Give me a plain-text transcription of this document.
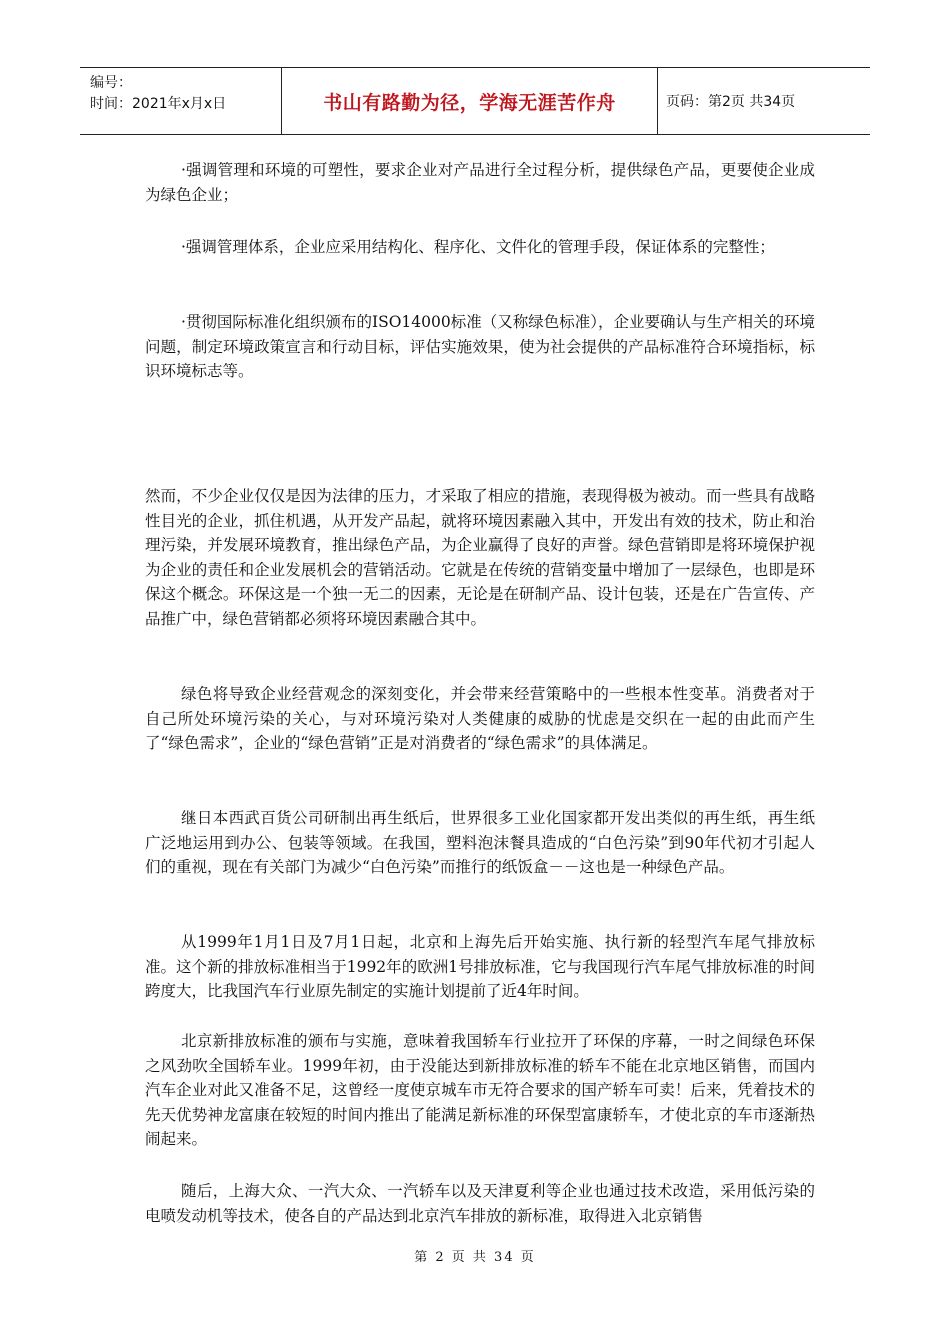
编号：
时间：2021年x月x日	书山有路勤为径，学海无涯苦作舟	页码：第2页 共34页

·强调管理和环境的可塑性，要求企业对产品进行全过程分析，提供绿色产品，更要使企业成为绿色企业；

·强调管理体系，企业应采用结构化、程序化、文件化的管理手段，保证体系的完整性；

·贯彻国际标准化组织颁布的ISO14000标准（又称绿色标准），企业要确认与生产相关的环境问题，制定环境政策宣言和行动目标，评估实施效果，使为社会提供的产品标准符合环境指标，标识环境标志等。

然而，不少企业仅仅是因为法律的压力，才采取了相应的措施，表现得极为被动。而一些具有战略性目光的企业，抓住机遇，从开发产品起，就将环境因素融入其中，开发出有效的技术，防止和治理污染，并发展环境教育，推出绿色产品，为企业赢得了良好的声誉。绿色营销即是将环境保护视为企业的责任和企业发展机会的营销活动。它就是在传统的营销变量中增加了一层绿色，也即是环保这个概念。环保这是一个独一无二的因素，无论是在研制产品、设计包装，还是在广告宣传、产品推广中，绿色营销都必须将环境因素融合其中。

绿色将导致企业经营观念的深刻变化，并会带来经营策略中的一些根本性变革。消费者对于自己所处环境污染的关心，与对环境污染对人类健康的威胁的忧虑是交织在一起的由此而产生了“绿色需求”，企业的“绿色营销”正是对消费者的“绿色需求”的具体满足。

继日本西武百货公司研制出再生纸后，世界很多工业化国家都开发出类似的再生纸，再生纸广泛地运用到办公、包装等领域。在我国，塑料泡沫餐具造成的“白色污染”到90年代初才引起人们的重视，现在有关部门为减少“白色污染”而推行的纸饭盒－－这也是一种绿色产品。

从1999年1月1日及7月1日起，北京和上海先后开始实施、执行新的轻型汽车尾气排放标准。这个新的排放标准相当于1992年的欧洲1号排放标准，它与我国现行汽车尾气排放标准的时间跨度大，比我国汽车行业原先制定的实施计划提前了近4年时间。

北京新排放标准的颁布与实施，意味着我国轿车行业拉开了环保的序幕，一时之间绿色环保之风劲吹全国轿车业。1999年初，由于没能达到新排放标准的轿车不能在北京地区销售，而国内汽车企业对此又准备不足，这曾经一度使京城车市无符合要求的国产轿车可卖！后来，凭着技术的先天优势神龙富康在较短的时间内推出了能满足新标准的环保型富康轿车，才使北京的车市逐渐热闹起来。

随后，上海大众、一汽大众、一汽轿车以及天津夏利等企业也通过技术改造，采用低污染的电喷发动机等技术，使各自的产品达到北京汽车排放的新标准，取得进入北京销售

第 2 页 共 34 页
